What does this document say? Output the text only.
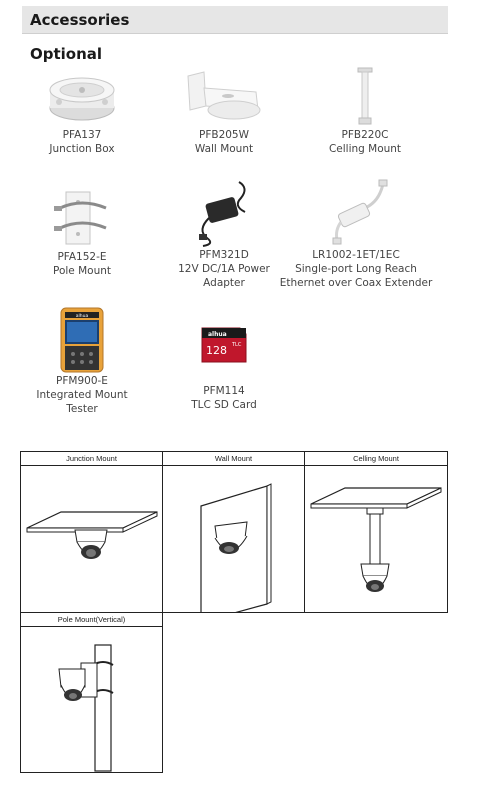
Accessories
Optional
PFA137
Junction Box
PFB205W
Wall Mount
PFB220C
Celling Mount
PFA152-E
Pole Mount
PFM321D
12V DC/1A Power
Adapter
LR1002-1ET/1EC
Single-port Long Reach
Ethernet over Coax Extender
alhua
PFM900-E
Integrated Mount
Tester
alhua
128 TLC
PFM114
TLC SD Card
Junction Mount	Wall Mount	Celling Mount
Pole Mount(Vertical)
